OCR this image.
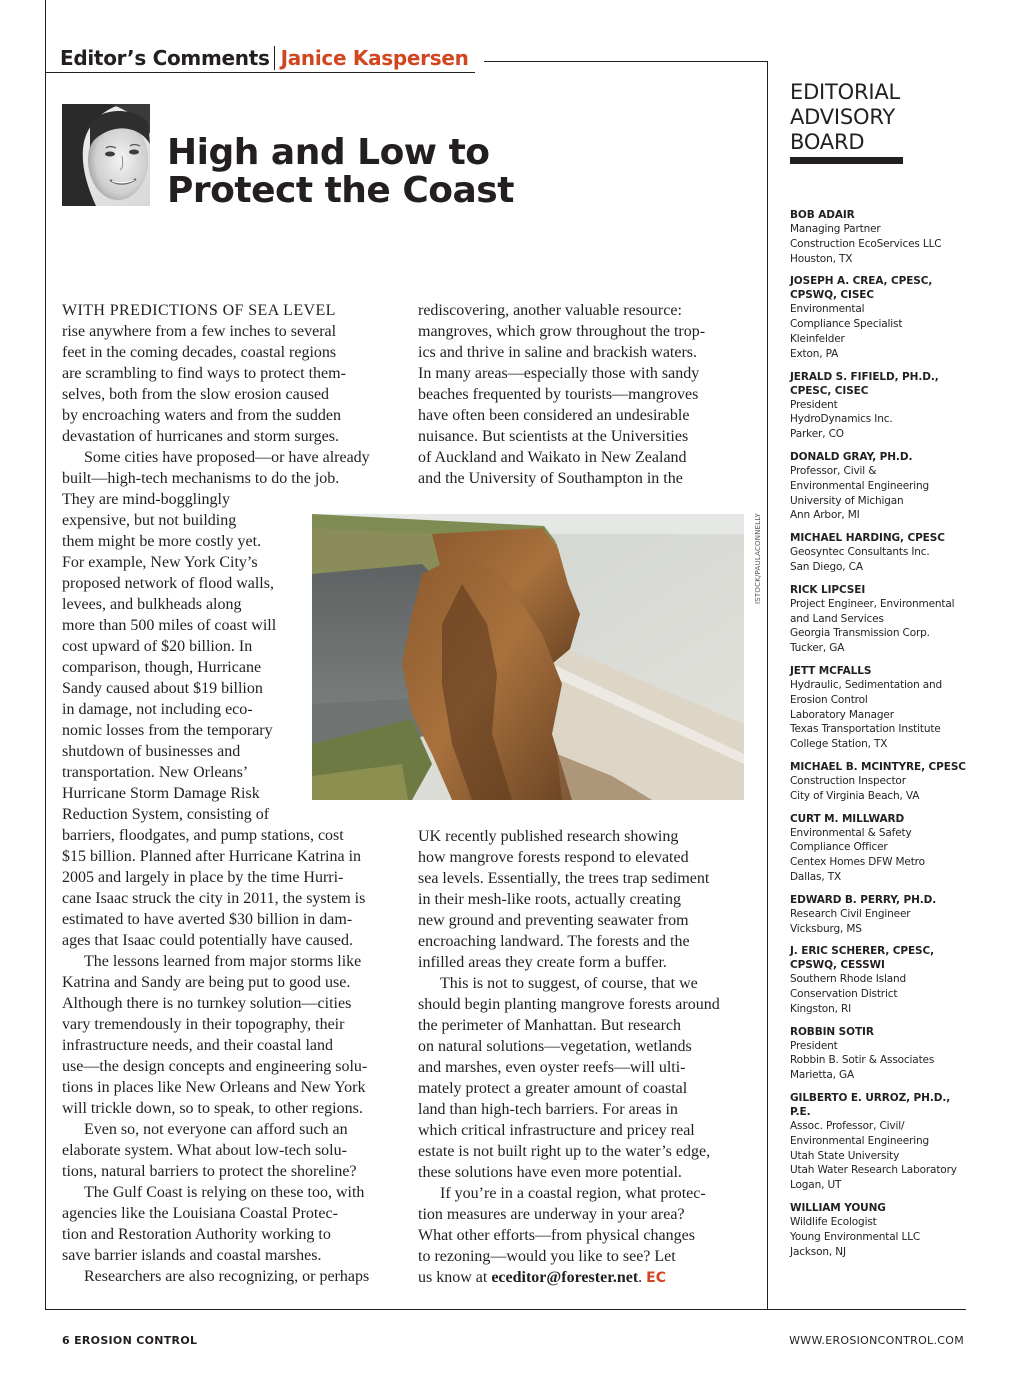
Editor’s Comments Janice Kaspersen
High and Low to
Protect the Coast
WITH PREDICTIONS OF SEA LEVEL
rise anywhere from a few inches to several
feet in the coming decades, coastal regions
are scrambling to find ways to protect them-
selves, both from the slow erosion caused
by encroaching waters and from the sudden
devastation of hurricanes and storm surges.
Some cities have proposed—or have already
built—high-tech mechanisms to do the job.
They are mind-bogglingly
expensive, but not building
them might be more costly yet.
For example, New York City’s
proposed network of flood walls,
levees, and bulkheads along
more than 500 miles of coast will
cost upward of $20 billion. In
comparison, though, Hurricane
Sandy caused about $19 billion
in damage, not including eco-
nomic losses from the temporary
shutdown of businesses and
transportation. New Orleans’
Hurricane Storm Damage Risk
Reduction System, consisting of
barriers, floodgates, and pump stations, cost
$15 billion. Planned after Hurricane Katrina in
2005 and largely in place by the time Hurri-
cane Isaac struck the city in 2011, the system is
estimated to have averted $30 billion in dam-
ages that Isaac could potentially have caused.
The lessons learned from major storms like
Katrina and Sandy are being put to good use.
Although there is no turnkey solution—cities
vary tremendously in their topography, their
infrastructure needs, and their coastal land
use—the design concepts and engineering solu-
tions in places like New Orleans and New York
will trickle down, so to speak, to other regions.
Even so, not everyone can afford such an
elaborate system. What about low-tech solu-
tions, natural barriers to protect the shoreline?
The Gulf Coast is relying on these too, with
agencies like the Louisiana Coastal Protec-
tion and Restoration Authority working to
save barrier islands and coastal marshes.
Researchers are also recognizing, or perhaps
rediscovering, another valuable resource:
mangroves, which grow throughout the trop-
ics and thrive in saline and brackish waters.
In many areas—especially those with sandy
beaches frequented by tourists—mangroves
have often been considered an undesirable
nuisance. But scientists at the Universities
of Auckland and Waikato in New Zealand
and the University of Southampton in the
UK recently published research showing
how mangrove forests respond to elevated
sea levels. Essentially, the trees trap sediment
in their mesh-like roots, actually creating
new ground and preventing seawater from
encroaching landward. The forests and the
infilled areas they create form a buffer.
This is not to suggest, of course, that we
should begin planting mangrove forests around
the perimeter of Manhattan. But research
on natural solutions—vegetation, wetlands
and marshes, even oyster reefs—will ulti-
mately protect a greater amount of coastal
land than high-tech barriers. For areas in
which critical infrastructure and pricey real
estate is not built right up to the water’s edge,
these solutions have even more potential.
If you’re in a coastal region, what protec-
tion measures are underway in your area?
What other efforts—from physical changes
to rezoning—would you like to see? Let
us know at eceditor@forester.net. EC
ISTOCK/PAULACONNELLY
EDITORIAL
ADVISORY
BOARD
BOB ADAIR
Managing Partner
Construction EcoServices LLC
Houston, TX
JOSEPH A. CREA, CPESC,
CPSWQ, CISEC
Environmental
Compliance Specialist
Kleinfelder
Exton, PA
JERALD S. FIFIELD, PH.D.,
CPESC, CISEC
President
HydroDynamics Inc.
Parker, CO
DONALD GRAY, PH.D.
Professor, Civil &
Environmental Engineering
University of Michigan
Ann Arbor, MI
MICHAEL HARDING, CPESC
Geosyntec Consultants Inc.
San Diego, CA
RICK LIPCSEI
Project Engineer, Environmental
and Land Services
Georgia Transmission Corp.
Tucker, GA
JETT MCFALLS
Hydraulic, Sedimentation and
Erosion Control
Laboratory Manager
Texas Transportation Institute
College Station, TX
MICHAEL B. MCINTYRE, CPESC
Construction Inspector
City of Virginia Beach, VA
CURT M. MILLWARD
Environmental & Safety
Compliance Officer
Centex Homes DFW Metro
Dallas, TX
EDWARD B. PERRY, PH.D.
Research Civil Engineer
Vicksburg, MS
J. ERIC SCHERER, CPESC,
CPSWQ, CESSWI
Southern Rhode Island
Conservation District
Kingston, RI
ROBBIN SOTIR
President
Robbin B. Sotir & Associates
Marietta, GA
GILBERTO E. URROZ, PH.D., P.E.
Assoc. Professor, Civil/
Environmental Engineering
Utah State University
Utah Water Research Laboratory
Logan, UT
WILLIAM YOUNG
Wildlife Ecologist
Young Environmental LLC
Jackson, NJ
6 EROSION CONTROL	WWW.EROSIONCONTROL.COM
